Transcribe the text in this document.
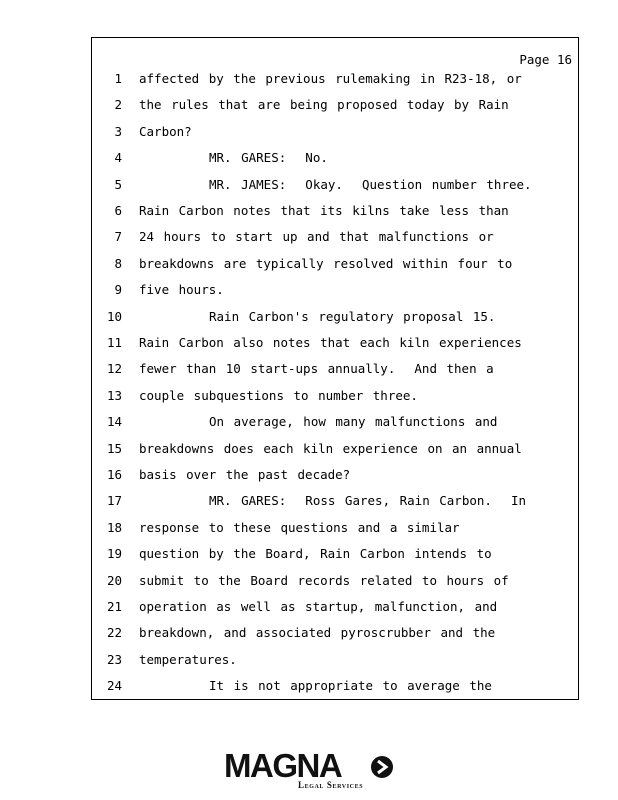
Page 16
1 affected by the previous rulemaking in R23-18, or
2 the rules that are being proposed today by Rain
3 Carbon?
4	MR. GARES:  No.
5	MR. JAMES:  Okay.  Question number three.
6 Rain Carbon notes that its kilns take less than
7 24 hours to start up and that malfunctions or
8 breakdowns are typically resolved within four to
9 five hours.
10	Rain Carbon's regulatory proposal 15.
11 Rain Carbon also notes that each kiln experiences
12 fewer than 10 start-ups annually.  And then a
13 couple subquestions to number three.
14	On average, how many malfunctions and
15 breakdowns does each kiln experience on an annual
16 basis over the past decade?
17	MR. GARES:  Ross Gares, Rain Carbon.  In
18 response to these questions and a similar
19 question by the Board, Rain Carbon intends to
20 submit to the Board records related to hours of
21 operation as well as startup, malfunction, and
22 breakdown, and associated pyroscrubber and the
23 temperatures.
24	It is not appropriate to average the
MAGNA
Legal Services
